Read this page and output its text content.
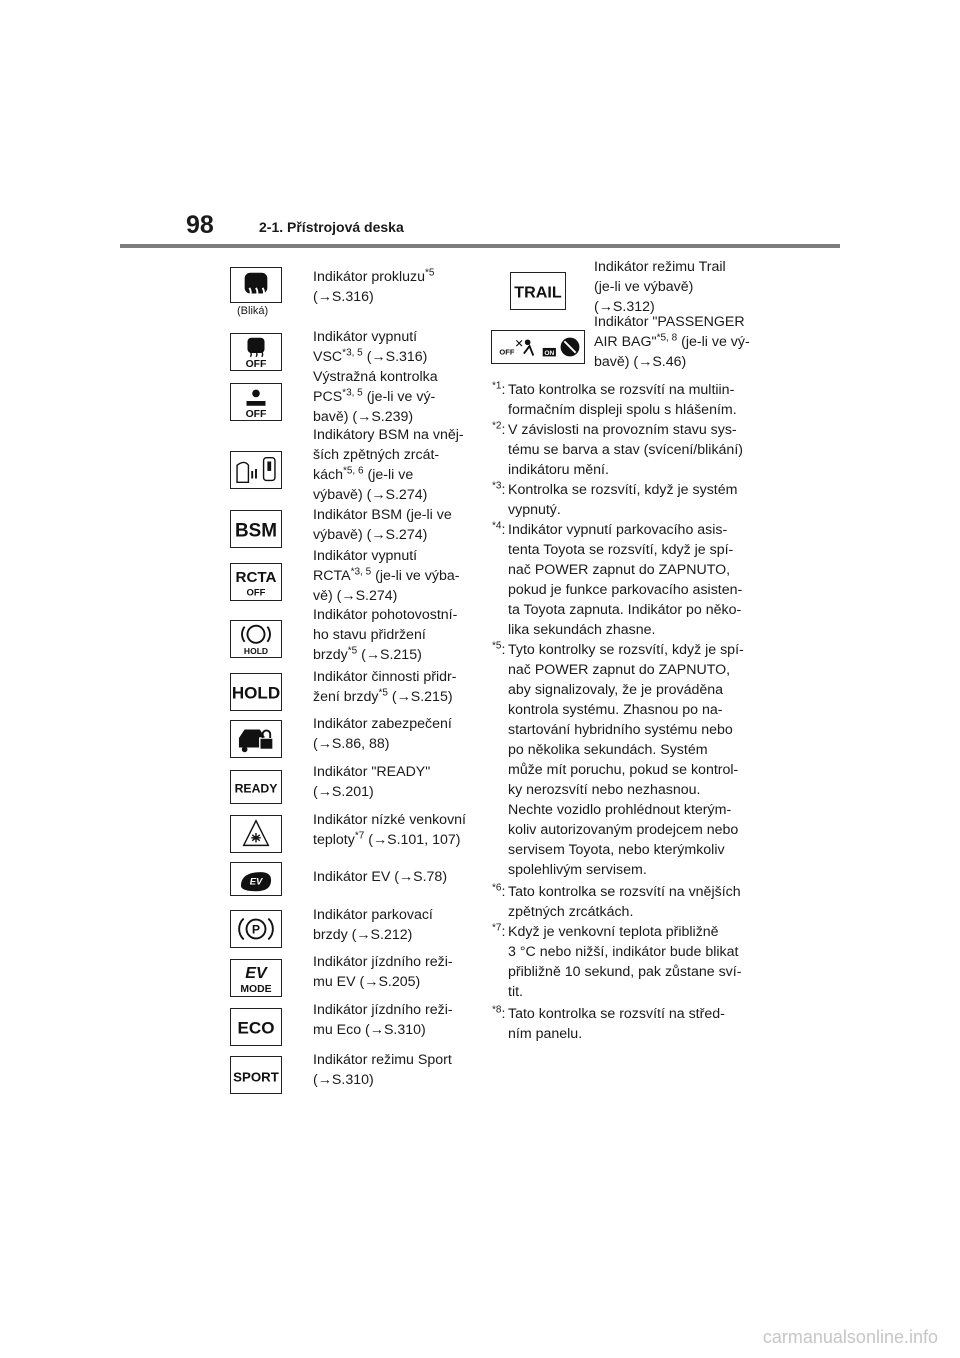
98	2-1. Přístrojová deska
(Bliká)
OFF
OFF
BSM
RCTA
OFF
HOLD
HOLD
READY
EV
P
EV
MODE
ECO
SPORT
Indikátor prokluzu$^{*5}$
(→S.316)
Indikátor vypnutí
VSC$^{*3, 5}$ (→S.316)
Výstražná kontrolka
PCS$^{*3, 5}$ (je-li ve vý-
bavě) (→S.239)
Indikátory BSM na vněj-
ších zpětných zrcát-
kách$^{*5, 6}$ (je-li ve
výbavě) (→S.274)
Indikátor BSM (je-li ve
výbavě) (→S.274)
Indikátor vypnutí
RCTA$^{*3, 5}$ (je-li ve výba-
vě) (→S.274)
Indikátor pohotovostní-
ho stavu přidržení
brzdy$^{*5}$ (→S.215)
Indikátor činnosti přidr-
žení brzdy$^{*5}$ (→S.215)
Indikátor zabezpečení
(→S.86, 88)
Indikátor "READY"
(→S.201)
Indikátor nízké venkovní
teploty$^{*7}$ (→S.101, 107)
Indikátor EV (→S.78)
Indikátor parkovací
brzdy (→S.212)
Indikátor jízdního reži-
mu EV (→S.205)
Indikátor jízdního reži-
mu Eco (→S.310)
Indikátor režimu Sport
(→S.310)
TRAIL
Indikátor režimu Trail
(je-li ve výbavě)
(→S.312)
OFF	ON
Indikátor "PASSENGER
AIR BAG"$^{*5, 8}$ (je-li ve vý-
bavě) (→S.46)
$^{*1}$: Tato kontrolka se rozsvítí na multiin-
formačním displeji spolu s hlášením.
$^{*2}$: V závislosti na provozním stavu sys-
tému se barva a stav (svícení/blikání)
indikátoru mění.
$^{*3}$: Kontrolka se rozsvítí, když je systém
vypnutý.
$^{*4}$: Indikátor vypnutí parkovacího asis-
tenta Toyota se rozsvítí, když je spí-
nač POWER zapnut do ZAPNUTO,
pokud je funkce parkovacího asisten-
ta Toyota zapnuta. Indikátor po něko-
lika sekundách zhasne.
$^{*5}$: Tyto kontrolky se rozsvítí, když je spí-
nač POWER zapnut do ZAPNUTO,
aby signalizovaly, že je prováděna
kontrola systému. Zhasnou po na-
startování hybridního systému nebo
po několika sekundách. Systém
může mít poruchu, pokud se kontrol-
ky nerozsvítí nebo nezhasnou.
Nechte vozidlo prohlédnout kterým-
koliv autorizovaným prodejcem nebo
servisem Toyota, nebo kterýmkoliv
spolehlivým servisem.
$^{*6}$: Tato kontrolka se rozsvítí na vnějších
zpětných zrcátkách.
$^{*7}$: Když je venkovní teplota přibližně
3 °C nebo nižší, indikátor bude blikat
přibližně 10 sekund, pak zůstane sví-
tit.
$^{*8}$: Tato kontrolka se rozsvítí na střed-
ním panelu.
carmanualsonline.info
